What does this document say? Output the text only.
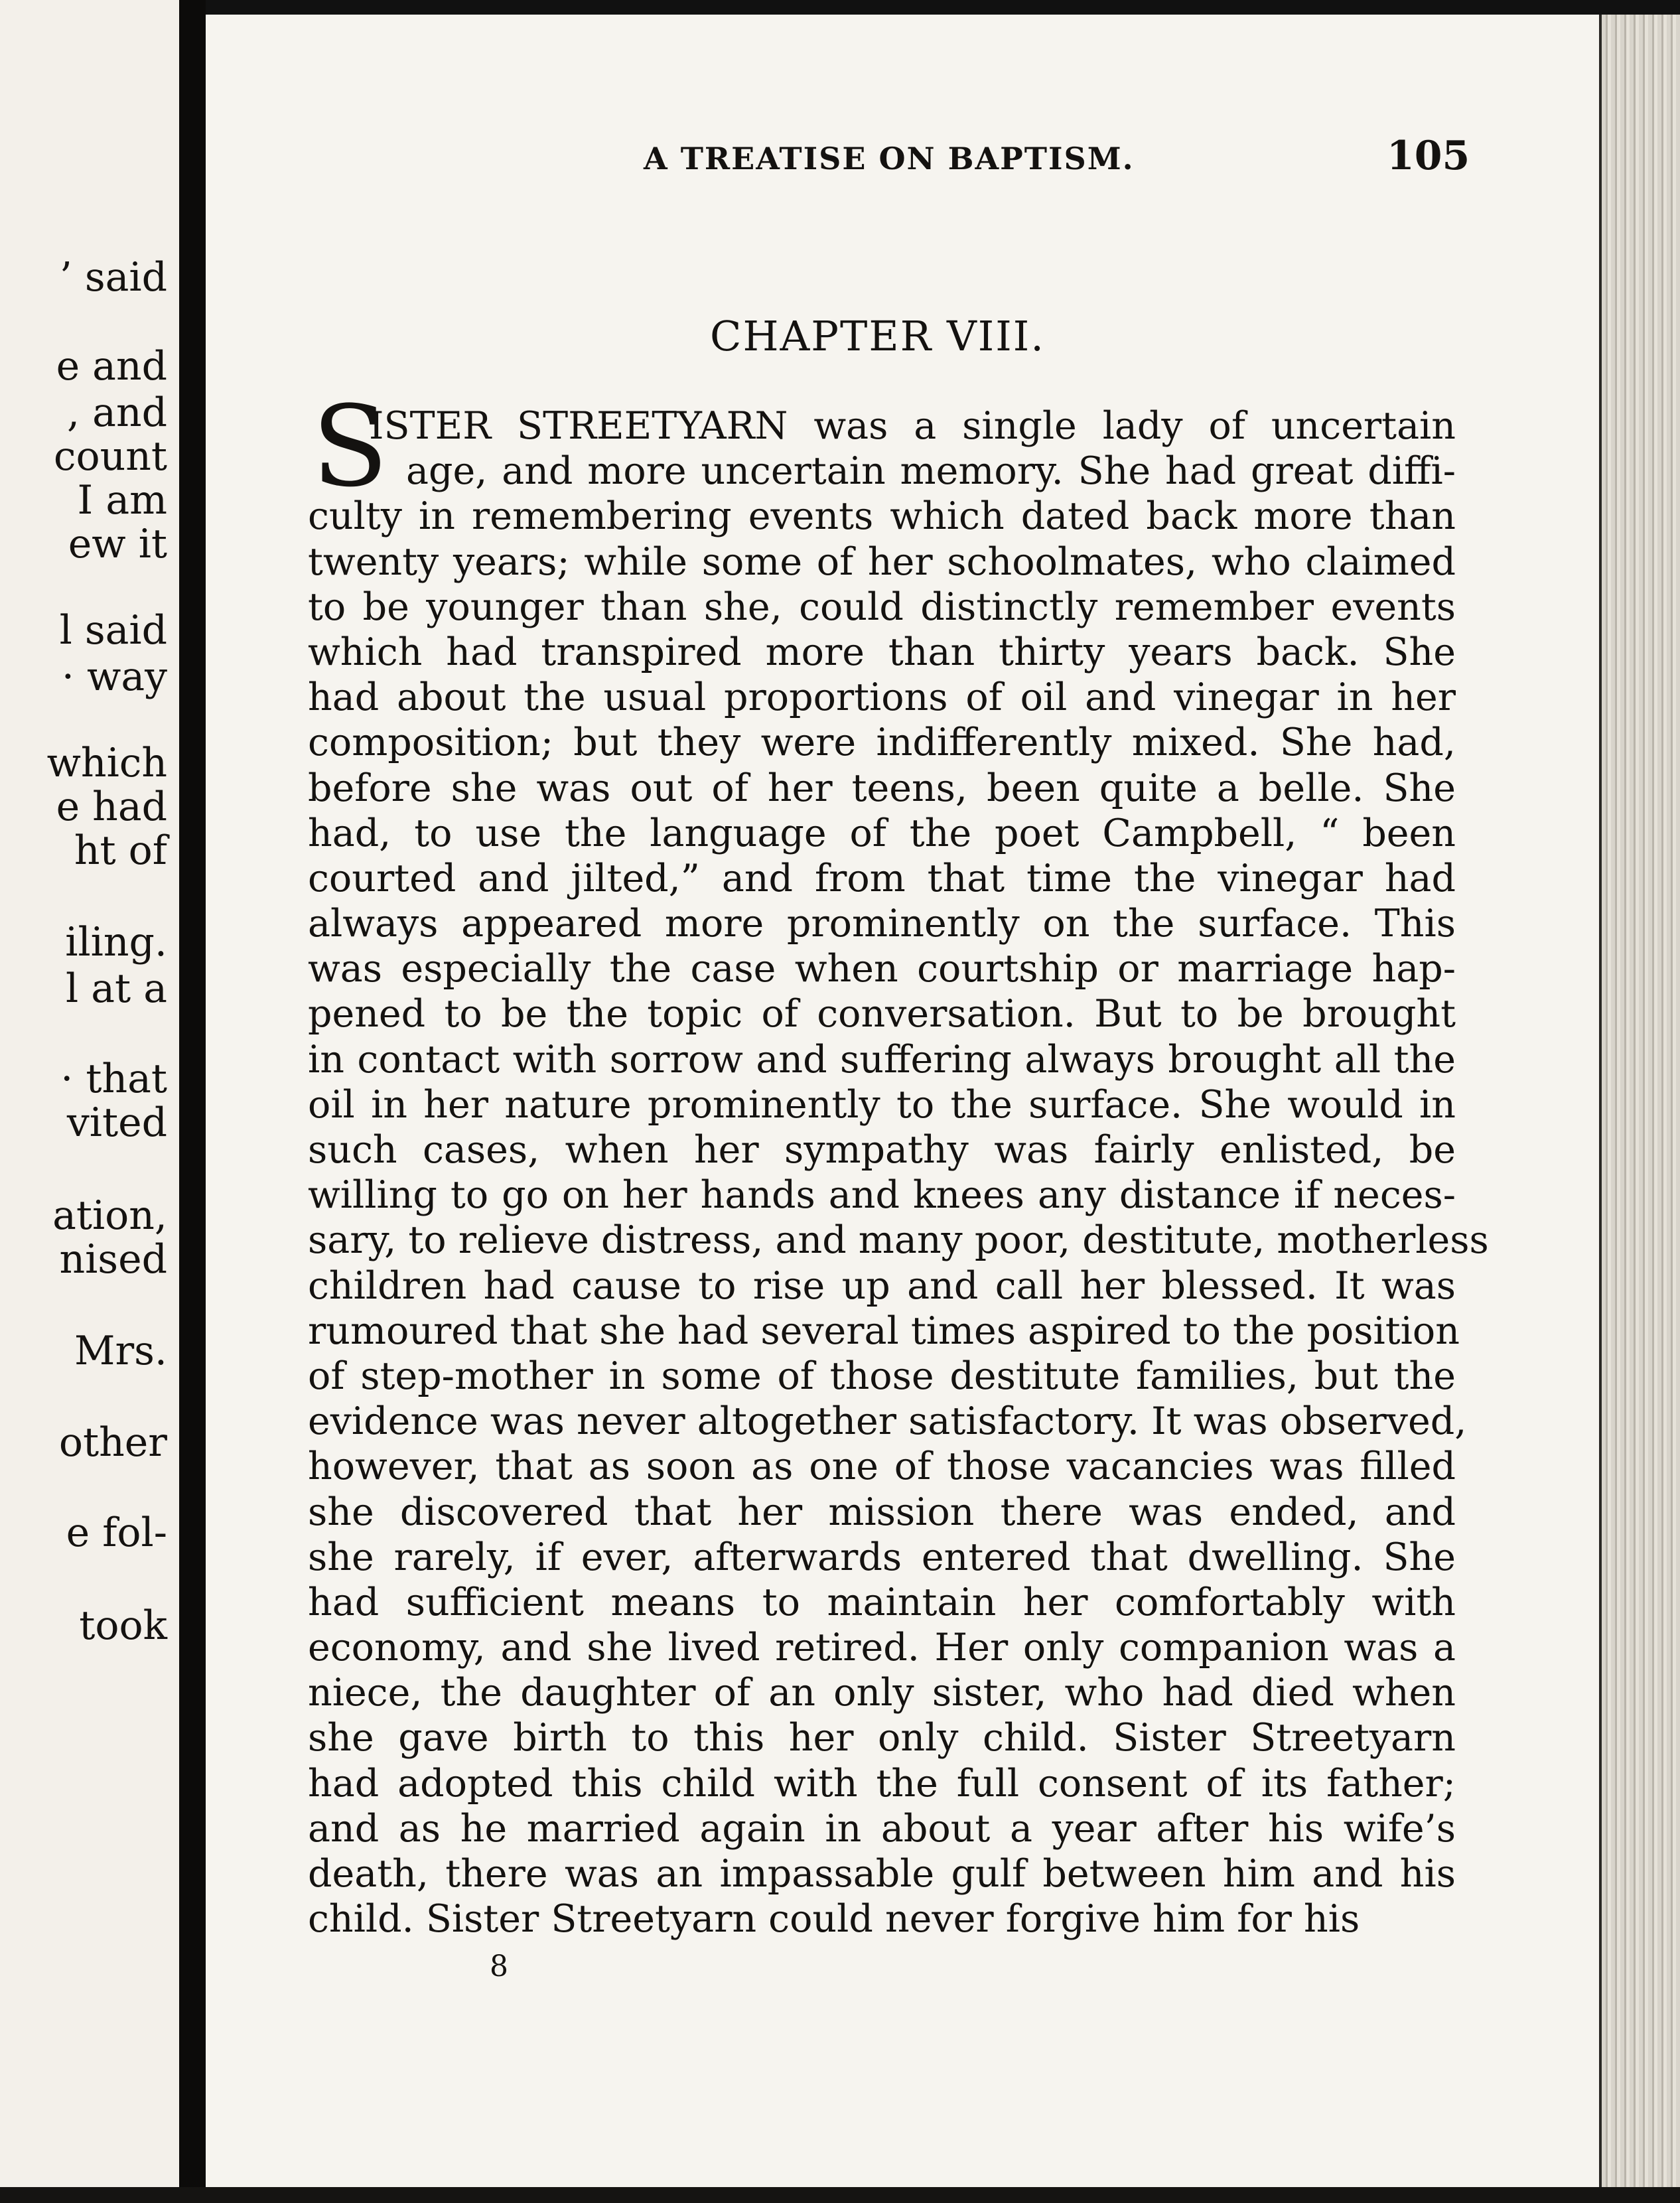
’ said
e and
, and
count
I am
ew it
l said
· way
which
e had
ht of
iling.
l at a
· that
vited
ation,
nised
Mrs.
other
e fol-
took
A TREATISE ON BAPTISM.	105
CHAPTER VIII.
S
ISTER STREETYARN was a single lady of uncertain
age, and more uncertain memory. She had great diffi-
culty in remembering events which dated back more than
twenty years; while some of her schoolmates, who claimed
to be younger than she, could distinctly remember events
which had transpired more than thirty years back. She
had about the usual proportions of oil and vinegar in her
composition; but they were indifferently mixed. She had,
before she was out of her teens, been quite a belle. She
had, to use the language of the poet Campbell, “ been
courted and jilted,” and from that time the vinegar had
always appeared more prominently on the surface. This
was especially the case when courtship or marriage hap-
pened to be the topic of conversation. But to be brought
in contact with sorrow and suffering always brought all the
oil in her nature prominently to the surface. She would in
such cases, when her sympathy was fairly enlisted, be
willing to go on her hands and knees any distance if neces-
sary, to relieve distress, and many poor, destitute, motherless
children had cause to rise up and call her blessed. It was
rumoured that she had several times aspired to the position
of step-mother in some of those destitute families, but the
evidence was never altogether satisfactory. It was observed,
however, that as soon as one of those vacancies was filled
she discovered that her mission there was ended, and
she rarely, if ever, afterwards entered that dwelling. She
had sufficient means to maintain her comfortably with
economy, and she lived retired. Her only companion was a
niece, the daughter of an only sister, who had died when
she gave birth to this her only child. Sister Streetyarn
had adopted this child with the full consent of its father;
and as he married again in about a year after his wife’s
death, there was an impassable gulf between him and his
child. Sister Streetyarn could never forgive him for his
8
